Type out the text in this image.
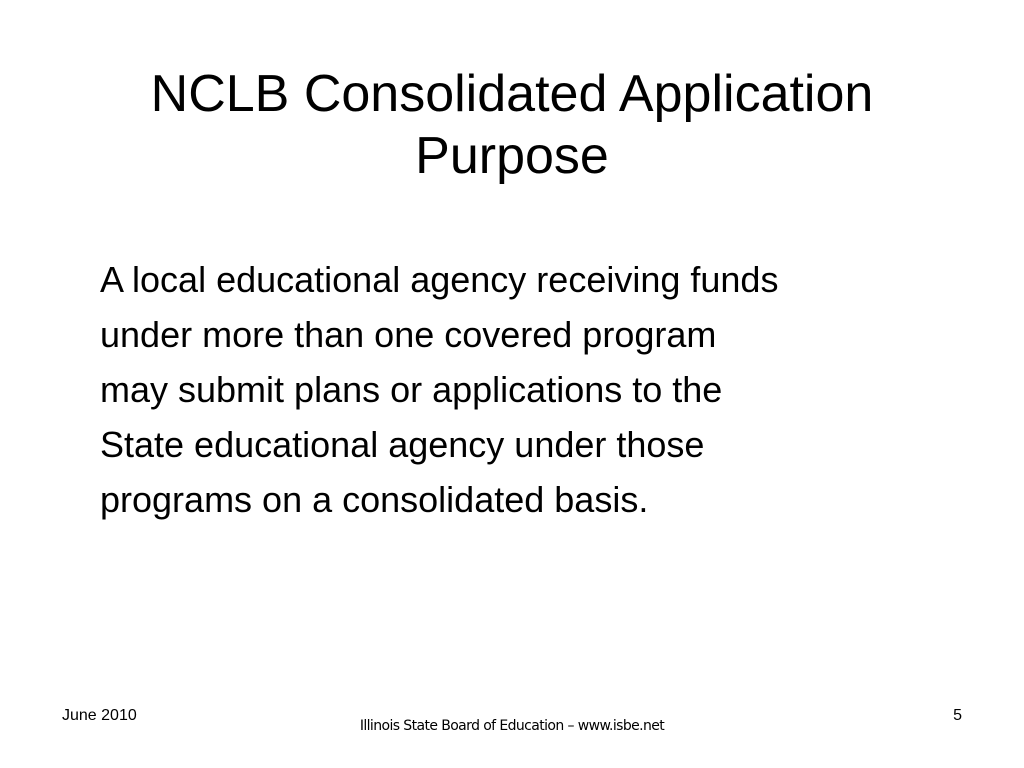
NCLB Consolidated Application
Purpose
A local educational agency receiving funds
under more than one covered program
may submit plans or applications to the
State educational agency under those
programs on a consolidated basis.
June 2010
Illinois State Board of Education – www.isbe.net
5
